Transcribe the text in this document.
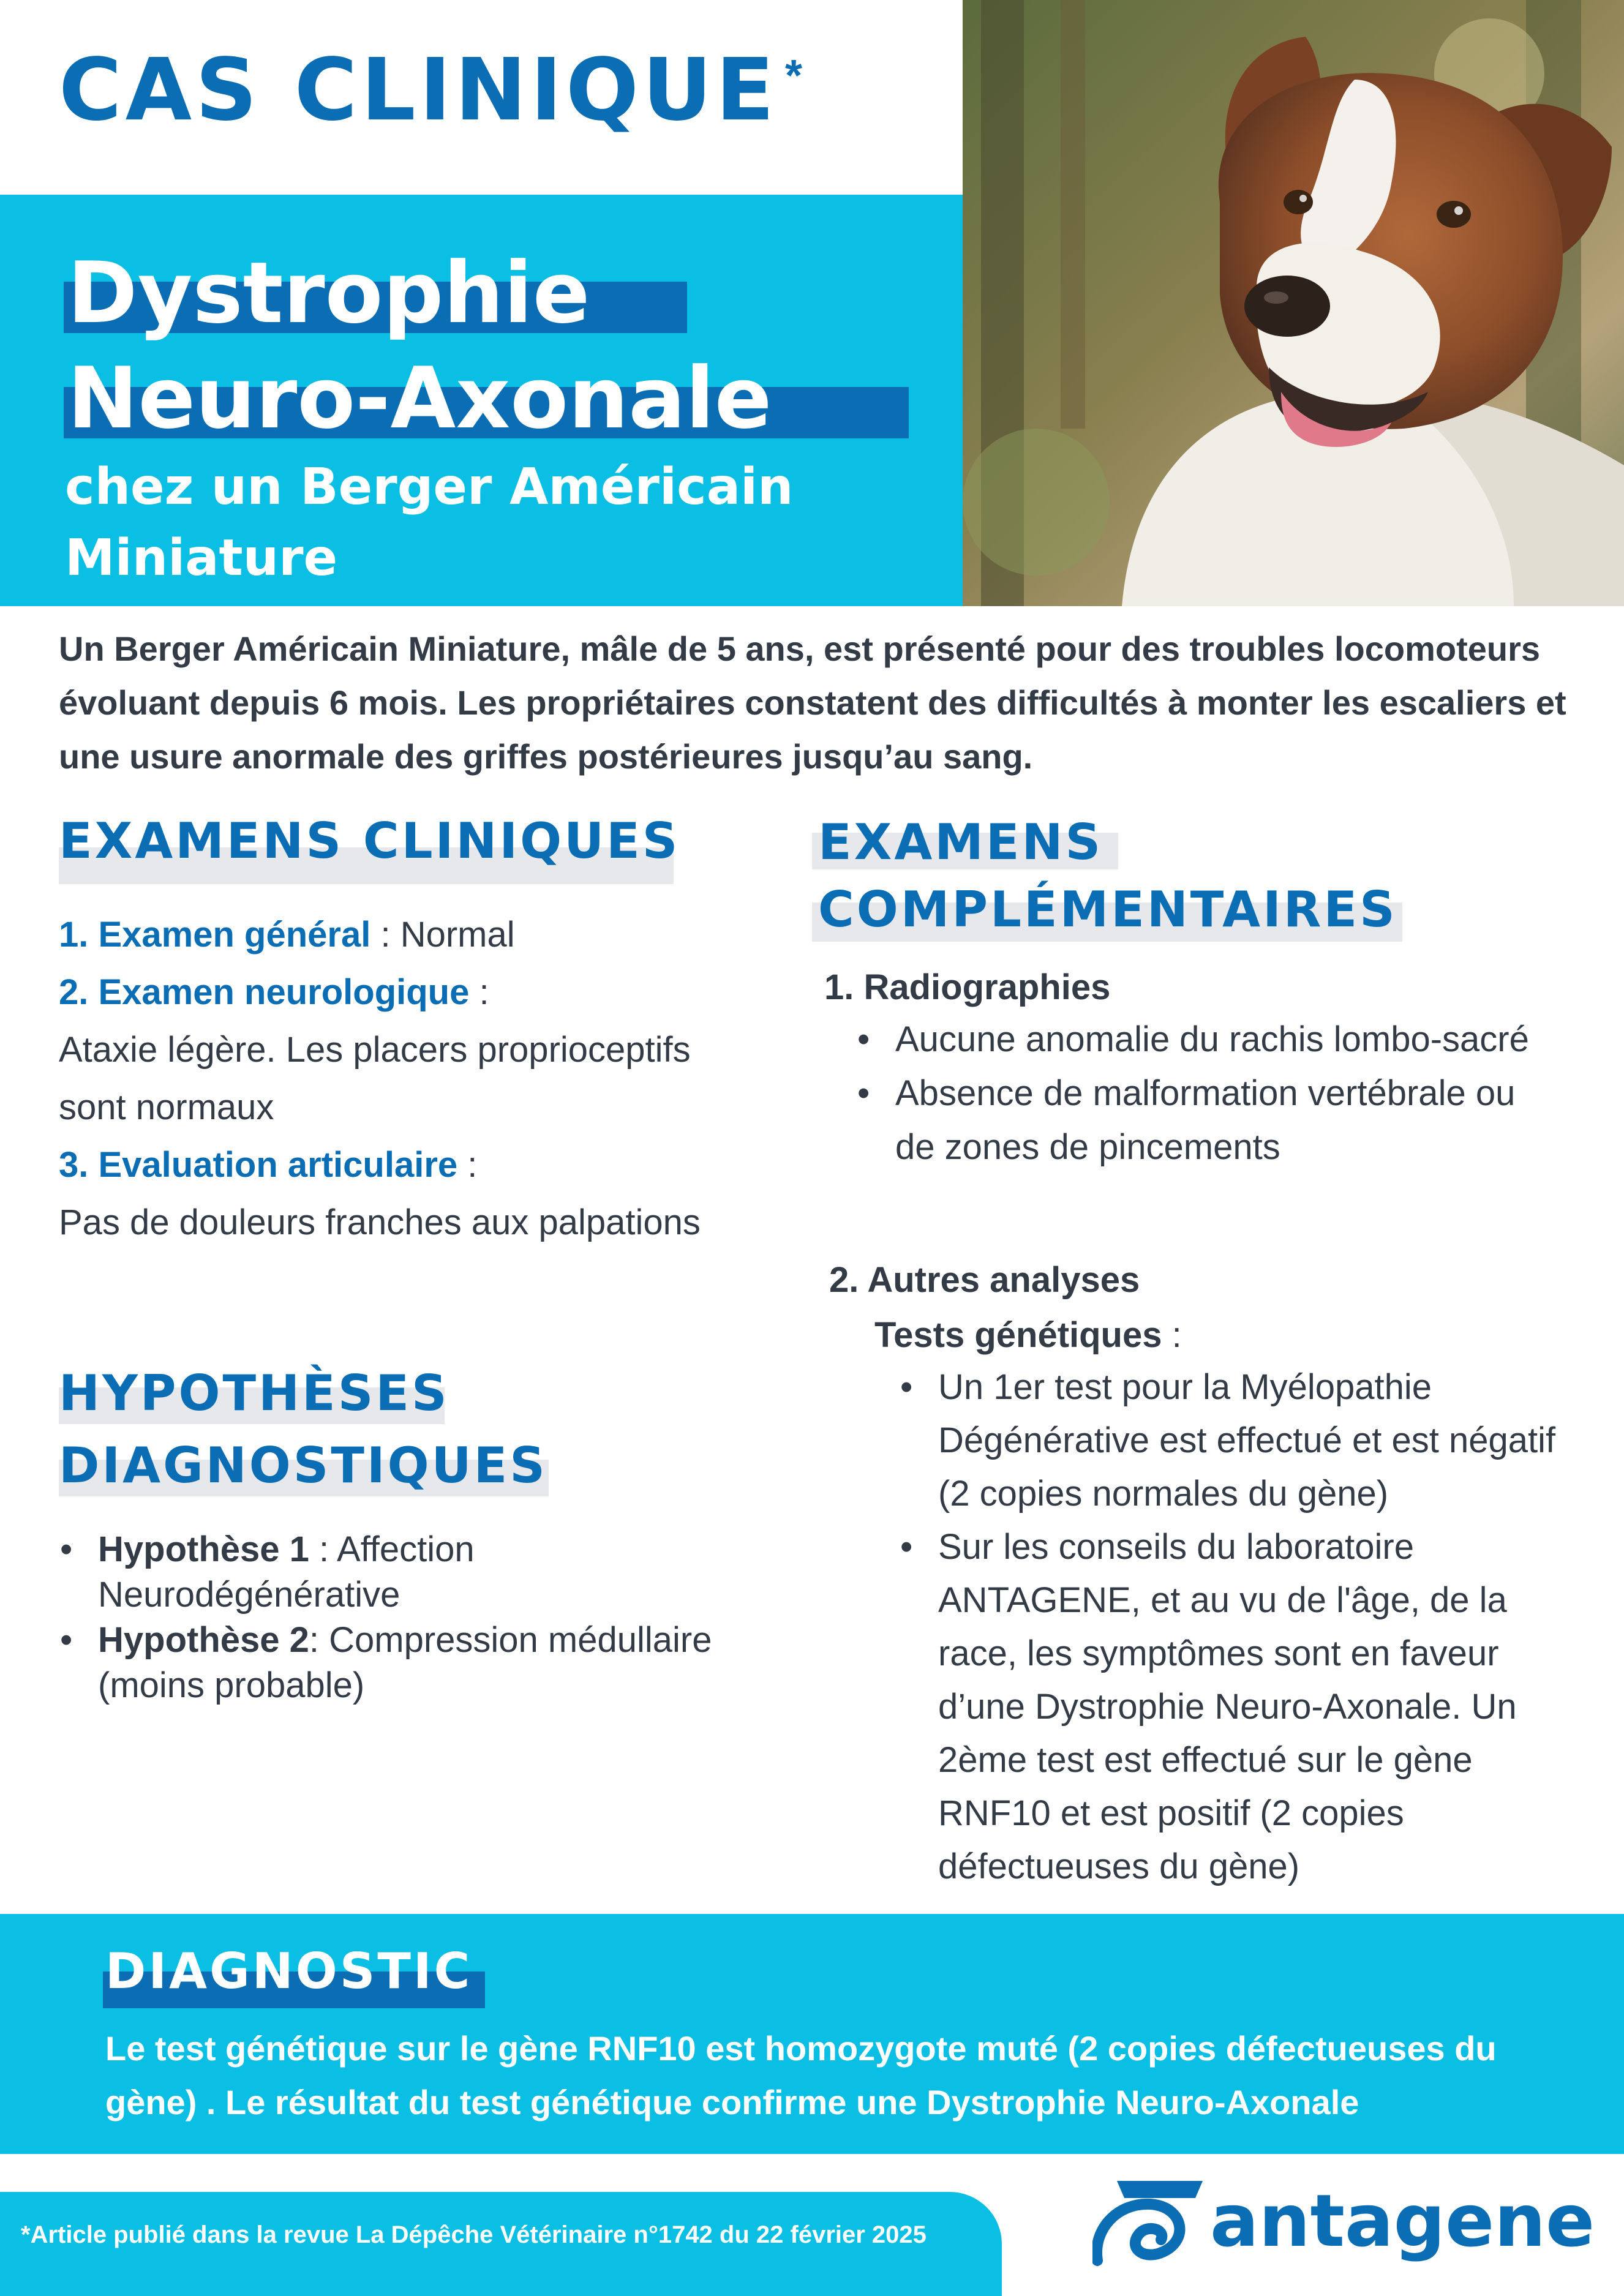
CAS CLINIQUE *
Dystrophie
Neuro-Axonale
chez un Berger Américain Miniature
Un Berger Américain Miniature, mâle de 5 ans, est présenté pour des troubles locomoteurs évoluant depuis 6 mois. Les propriétaires constatent des difficultés à monter les escaliers et une usure anormale des griffes postérieures jusqu’au sang.
EXAMENS CLINIQUES
1. Examen général : Normal
2. Examen neurologique :
Ataxie légère. Les placers proprioceptifs sont normaux
3. Evaluation articulaire :
Pas de douleurs franches aux palpations
HYPOTHÈSES
DIAGNOSTIQUES
• Hypothèse 1 : Affection Neurodégénérative
• Hypothèse 2: Compression médullaire (moins probable)
EXAMENS
COMPLÉMENTAIRES
1. Radiographies
• Aucune anomalie du rachis lombo-sacré
• Absence de malformation vertébrale ou de zones de pincements
2. Autres analyses
Tests génétiques :
• Un 1er test pour la Myélopathie Dégénérative est effectué et est négatif (2 copies normales du gène)
• Sur les conseils du laboratoire ANTAGENE, et au vu de l'âge, de la race, les symptômes sont en faveur d’une Dystrophie Neuro-Axonale. Un 2ème test est effectué sur le gène RNF10 et est positif (2 copies défectueuses du gène)
DIAGNOSTIC
Le test génétique sur le gène RNF10 est homozygote muté (2 copies défectueuses du gène) . Le résultat du test génétique confirme une Dystrophie Neuro-Axonale
*Article publié dans la revue La Dépêche Vétérinaire n°1742 du 22 février 2025	antagene
